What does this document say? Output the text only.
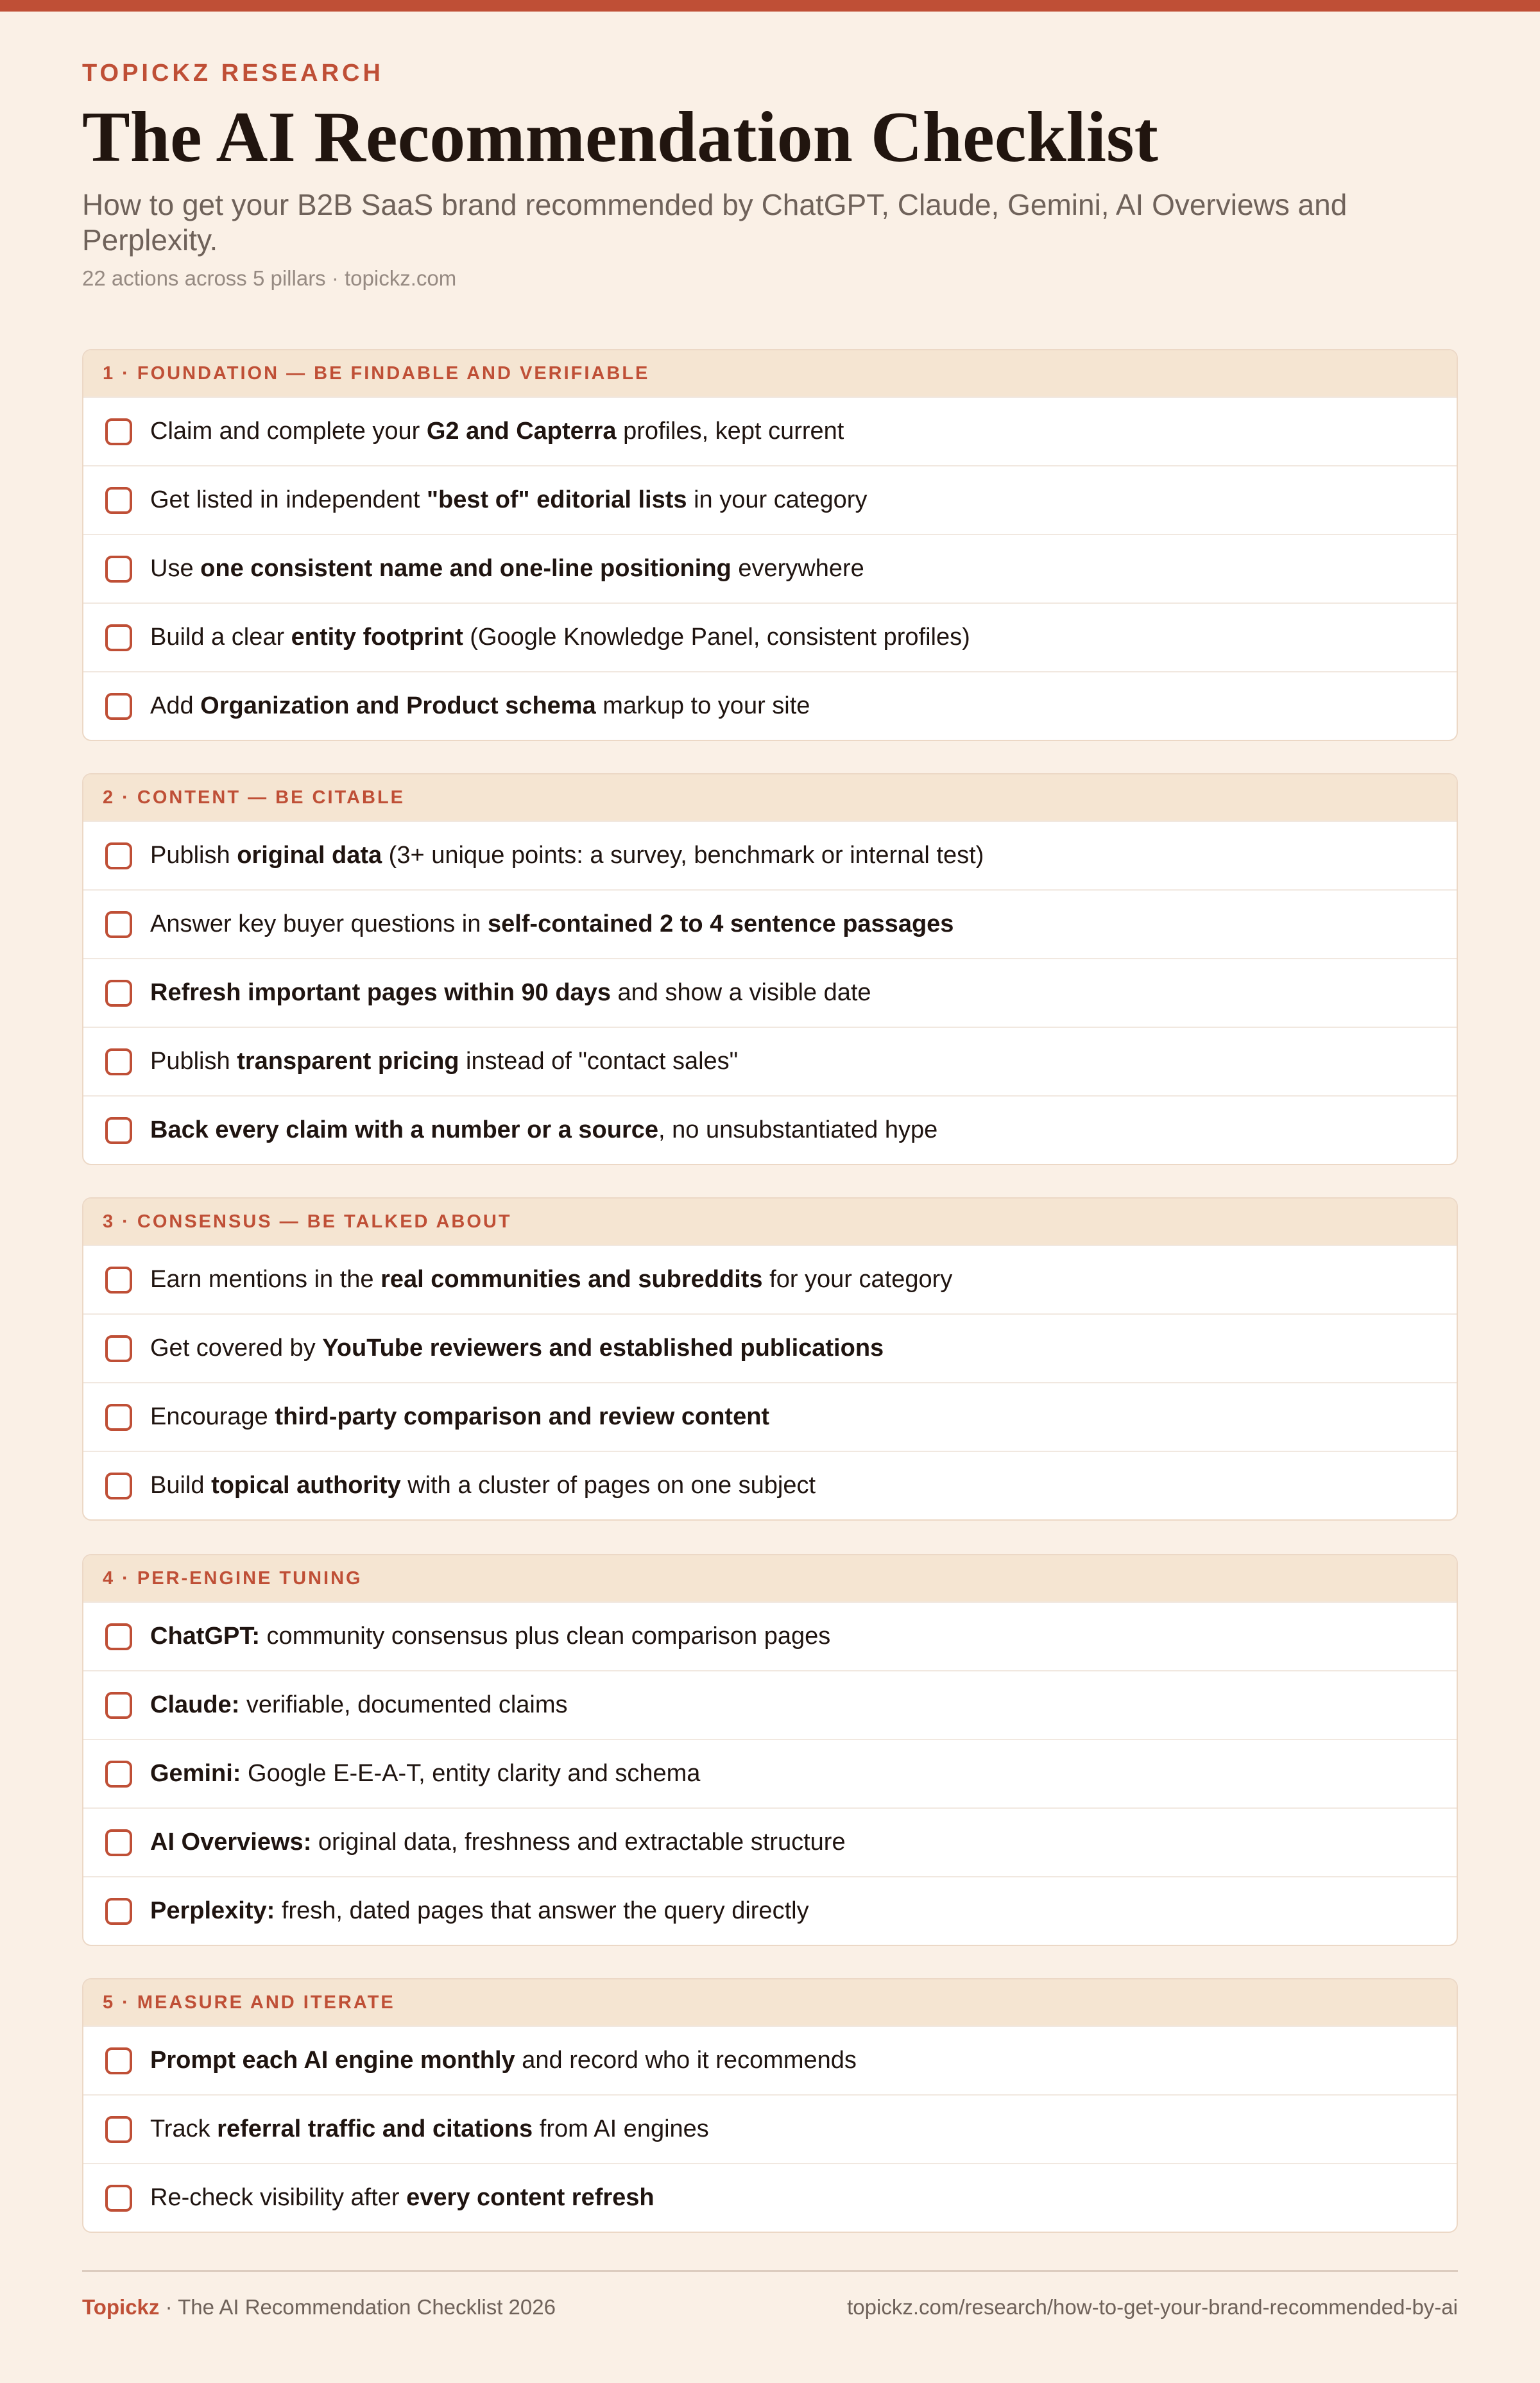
TOPICKZ RESEARCH
The AI Recommendation Checklist
How to get your B2B SaaS brand recommended by ChatGPT, Claude, Gemini, AI Overviews and Perplexity.
22 actions across 5 pillars · topickz.com
1 · FOUNDATION — BE FINDABLE AND VERIFIABLE
Claim and complete your G2 and Capterra profiles, kept current
Get listed in independent "best of" editorial lists in your category
Use one consistent name and one-line positioning everywhere
Build a clear entity footprint (Google Knowledge Panel, consistent profiles)
Add Organization and Product schema markup to your site
2 · CONTENT — BE CITABLE
Publish original data (3+ unique points: a survey, benchmark or internal test)
Answer key buyer questions in self-contained 2 to 4 sentence passages
Refresh important pages within 90 days and show a visible date
Publish transparent pricing instead of "contact sales"
Back every claim with a number or a source, no unsubstantiated hype
3 · CONSENSUS — BE TALKED ABOUT
Earn mentions in the real communities and subreddits for your category
Get covered by YouTube reviewers and established publications
Encourage third-party comparison and review content
Build topical authority with a cluster of pages on one subject
4 · PER-ENGINE TUNING
ChatGPT: community consensus plus clean comparison pages
Claude: verifiable, documented claims
Gemini: Google E-E-A-T, entity clarity and schema
AI Overviews: original data, freshness and extractable structure
Perplexity: fresh, dated pages that answer the query directly
5 · MEASURE AND ITERATE
Prompt each AI engine monthly and record who it recommends
Track referral traffic and citations from AI engines
Re-check visibility after every content refresh
Topickz · The AI Recommendation Checklist 2026	topickz.com/research/how-to-get-your-brand-recommended-by-ai
